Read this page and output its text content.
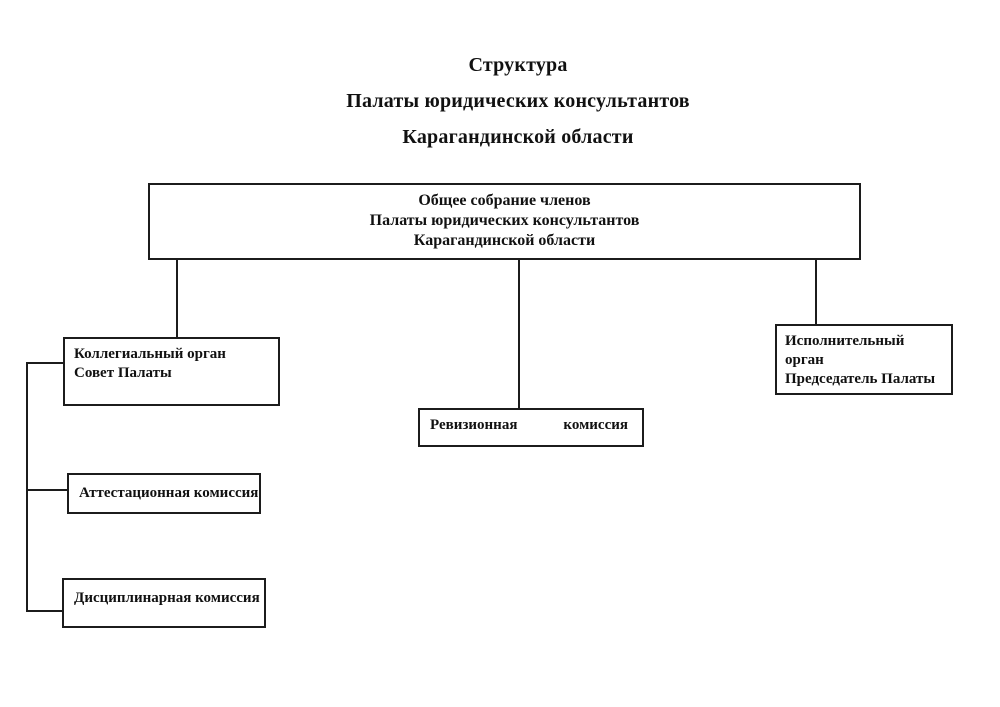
Структура
Палаты юридических консультантов
Карагандинской области
Общее собрание членов
Палаты юридических консультантов
Карагандинской области
Коллегиальный орган
Совет Палаты
Ревизионная	комиссия
Исполнительный орган
Председатель Палаты
Аттестационная комиссия
Дисциплинарная комиссия
